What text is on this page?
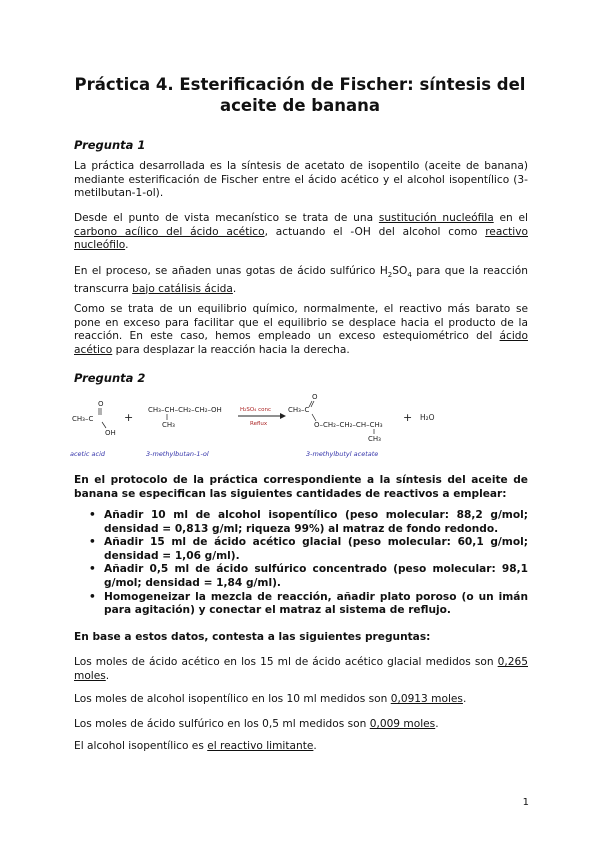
Práctica 4. Esterificación de Fischer: síntesis del aceite de banana

Pregunta 1

La práctica desarrollada es la síntesis de acetato de isopentilo (aceite de banana) mediante esterificación de Fischer entre el ácido acético y el alcohol isopentílico (3-metilbutan-1-ol).

Desde el punto de vista mecanístico se trata de una sustitución nucleófila en el carbono acílico del ácido acético, actuando el -OH del alcohol como reactivo nucleófilo.

En el proceso, se añaden unas gotas de ácido sulfúrico $H_2SO_4$ para que la reacción transcurra bajo catálisis ácida.

Como se trata de un equilibrio químico, normalmente, el reactivo más barato se pone en exceso para facilitar que el equilibrio se desplace hacia el producto de la reacción. En este caso, hemos empleado un exceso estequiométrico del ácido acético para desplazar la reacción hacia la derecha.

Pregunta 2

O
CH₃–C
OH
acetic acid
+
CH₃–CH–CH₂–CH₂–OH
CH₃
3-methylbutan-1-ol
H₂SO₄ conc
Reflux
O
CH₃–C
O–CH₂–CH₂–CH–CH₃
CH₃
3-methylbutyl acetate
+ H₂O

En el protocolo de la práctica correspondiente a la síntesis del aceite de banana se especifican las siguientes cantidades de reactivos a emplear:

• Añadir 10 ml de alcohol isopentílico (peso molecular: 88,2 g/mol; densidad = 0,813 g/ml; riqueza 99%) al matraz de fondo redondo.
• Añadir 15 ml de ácido acético glacial (peso molecular: 60,1 g/mol; densidad = 1,06 g/ml).
• Añadir 0,5 ml de ácido sulfúrico concentrado (peso molecular: 98,1 g/mol; densidad = 1,84 g/ml).
• Homogeneizar la mezcla de reacción, añadir plato poroso (o un imán para agitación) y conectar el matraz al sistema de reflujo.

En base a estos datos, contesta a las siguientes preguntas:

Los moles de ácido acético en los 15 ml de ácido acético glacial medidos son 0,265 moles.

Los moles de alcohol isopentílico en los 10 ml medidos son 0,0913 moles.

Los moles de ácido sulfúrico en los 0,5 ml medidos son 0,009 moles.

El alcohol isopentílico es el reactivo limitante.

1
